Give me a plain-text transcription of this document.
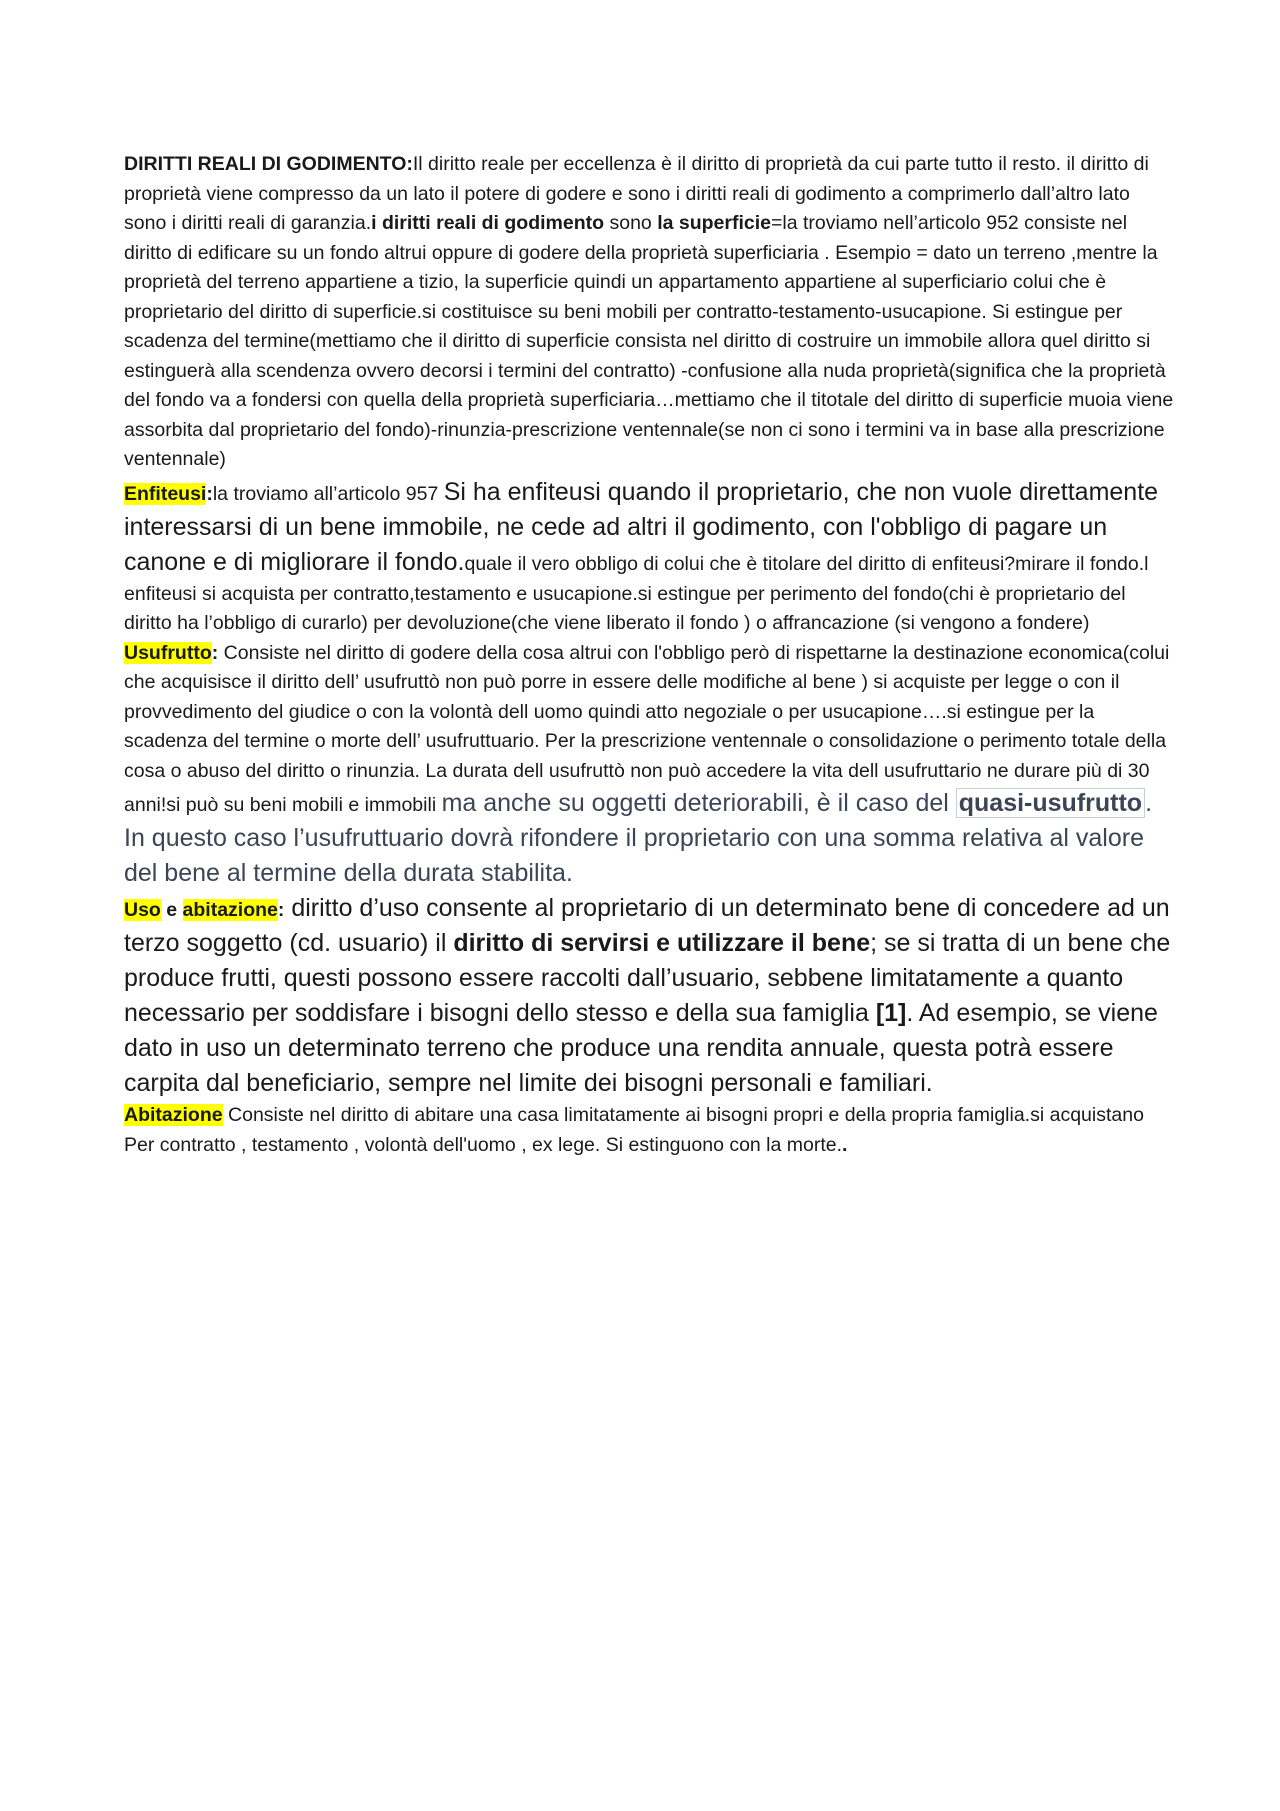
DIRITTI REALI DI GODIMENTO:Il diritto reale per eccellenza è il diritto di proprietà da cui parte tutto il resto. il diritto di proprietà viene compresso da un lato il potere di godere e sono i diritti reali di godimento a comprimerlo dall’altro lato sono i diritti reali di garanzia.i diritti reali di godimento sono la superficie=la troviamo nell’articolo 952 consiste nel diritto di edificare su un fondo altrui oppure di godere della proprietà superficiaria . Esempio = dato un terreno ,mentre la proprietà del terreno appartiene a tizio, la superficie quindi un appartamento appartiene al superficiario colui che è proprietario del diritto di superficie.si costituisce su beni mobili per contratto-testamento-usucapione. Si estingue per scadenza del termine(mettiamo che il diritto di superficie consista nel diritto di costruire un immobile allora quel diritto si estinguerà alla scendenza ovvero decorsi i termini del contratto) -confusione alla nuda proprietà(significa che la proprietà del fondo va a fondersi con quella della proprietà superficiaria…mettiamo che il titotale del diritto di superficie muoia viene assorbita dal proprietario del fondo)-rinunzia-prescrizione ventennale(se non ci sono i termini va in base alla prescrizione ventennale)

Enfiteusi:la troviamo all’articolo 957 Si ha enfiteusi quando il proprietario, che non vuole direttamente interessarsi di un bene immobile, ne cede ad altri il godimento, con l'obbligo di pagare un canone e di migliorare il fondo.quale il vero obbligo di colui che è titolare del diritto di enfiteusi?mirare il fondo.l enfiteusi si acquista per contratto,testamento e usucapione.si estingue per perimento del fondo(chi è proprietario del diritto ha l’obbligo di curarlo) per devoluzione(che viene liberato il fondo ) o affrancazione (si vengono a fondere)

Usufrutto: Consiste nel diritto di godere della cosa altrui con l'obbligo però di rispettarne la destinazione economica(colui che acquisisce il diritto dell’ usufruttò non può porre in essere delle modifiche al bene ) si acquiste per legge o con il provvedimento del giudice o con la volontà dell uomo quindi atto negoziale o per usucapione….si estingue per la scadenza del termine o morte dell’ usufruttuario. Per la prescrizione ventennale o consolidazione o perimento totale della cosa o abuso del diritto o rinunzia. La durata dell usufruttò non può accedere la vita dell usufruttario ne durare più di 30 anni!si può su beni mobili e immobili ma anche su oggetti deteriorabili, è il caso del quasi-usufrutto . In questo caso l’usufruttuario dovrà rifondere il proprietario con una somma relativa al valore del bene al termine della durata stabilita.

Uso e abitazione: diritto d’uso consente al proprietario di un determinato bene di concedere ad un terzo soggetto (cd. usuario) il diritto di servirsi e utilizzare il bene; se si tratta di un bene che produce frutti, questi possono essere raccolti dall’usuario, sebbene limitatamente a quanto necessario per soddisfare i bisogni dello stesso e della sua famiglia [1]. Ad esempio, se viene dato in uso un determinato terreno che produce una rendita annuale, questa potrà essere carpita dal beneficiario, sempre nel limite dei bisogni personali e familiari.

Abitazione Consiste nel diritto di abitare una casa limitatamente ai bisogni propri e della propria famiglia.si acquistano Per contratto , testamento , volontà dell'uomo , ex lege. Si estinguono con la morte..
